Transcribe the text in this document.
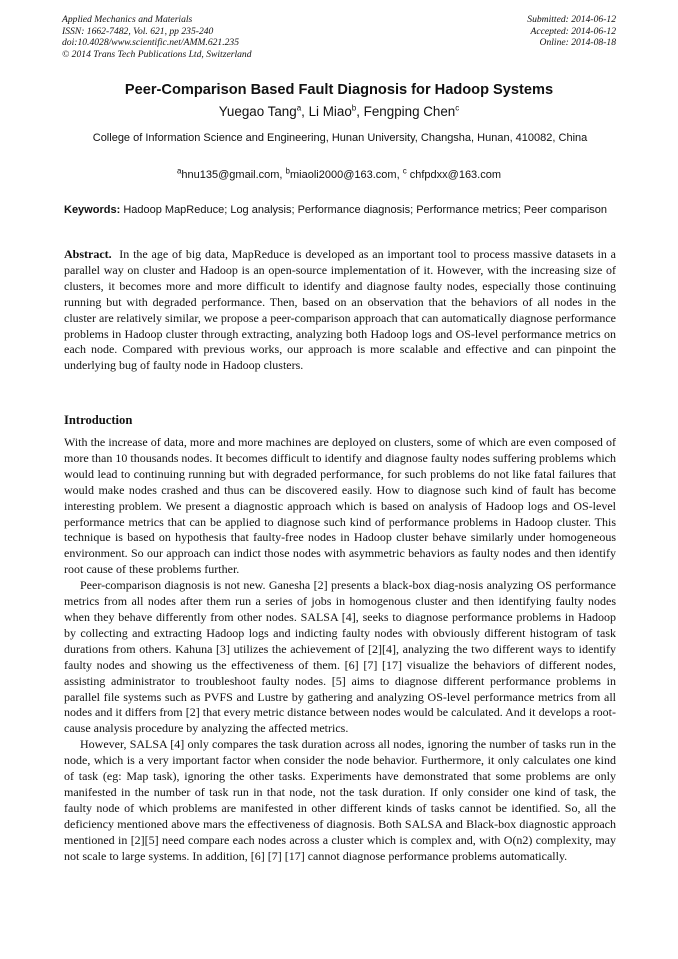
Applied Mechanics and Materials
ISSN: 1662-7482, Vol. 621, pp 235-240
doi:10.4028/www.scientific.net/AMM.621.235
© 2014 Trans Tech Publications Ltd, Switzerland
Submitted: 2014-06-12
Accepted: 2014-06-12
Online: 2014-08-18
Peer-Comparison Based Fault Diagnosis for Hadoop Systems
Yuegao Tang$^a$, Li Miao$^b$, Fengping Chen$^c$
College of Information Science and Engineering, Hunan University, Changsha, Hunan, 410082, China
$^a$hnu135@gmail.com, $^b$miaoli2000@163.com, $^c$ chfpdxx@163.com
Keywords: Hadoop MapReduce; Log analysis; Performance diagnosis; Performance metrics; Peer comparison
Abstract. In the age of big data, MapReduce is developed as an important tool to process massive datasets in a parallel way on cluster and Hadoop is an open-source implementation of it. However, with the increasing size of clusters, it becomes more and more difficult to identify and diagnose faulty nodes, especially those continuing running but with degraded performance. Then, based on an observation that the behaviors of all nodes in the cluster are relatively similar, we propose a peer-comparison approach that can automatically diagnose performance problems in Hadoop cluster through extracting, analyzing both Hadoop logs and OS-level performance metrics on each node. Compared with previous works, our approach is more scalable and effective and can pinpoint the underlying bug of faulty node in Hadoop clusters.
Introduction

With the increase of data, more and more machines are deployed on clusters, some of which are even composed of more than 10 thousands nodes. It becomes difficult to identify and diagnose faulty nodes suffering problems which would lead to continuing running but with degraded performance, for such problems do not like fatal failures that would make nodes crashed and thus can be discovered easily. How to diagnose such kind of fault has become interesting problem. We present a diagnostic approach which is based on analysis of Hadoop logs and OS-level performance metrics that can be applied to diagnose such kind of performance problems in Hadoop cluster. This technique is based on hypothesis that faulty-free nodes in Hadoop cluster behave similarly under homogeneous environment. So our approach can indict those nodes with asymmetric behaviors as faulty nodes and then identify root cause of these problems further.

Peer-comparison diagnosis is not new. Ganesha [2] presents a black-box diag-nosis analyzing OS performance metrics from all nodes after them run a series of jobs in homogenous cluster and then identifying faulty nodes when they behave differently from other nodes. SALSA [4], seeks to diagnose performance problems in Hadoop by collecting and extracting Hadoop logs and indicting faulty nodes with obviously different histogram of task durations from others. Kahuna [3] utilizes the achievement of [2][4], analyzing the two different ways to identify faulty nodes and showing us the effectiveness of them. [6] [7] [17] visualize the behaviors of different nodes, assisting administrator to troubleshoot faulty nodes. [5] aims to diagnose different performance problems in parallel file systems such as PVFS and Lustre by gathering and analyzing OS-level performance metrics from all nodes and it differs from [2] that every metric distance between nodes would be calculated. And it develops a root-cause analysis procedure by analyzing the affected metrics.

However, SALSA [4] only compares the task duration across all nodes, ignoring the number of tasks run in the node, which is a very important factor when consider the node behavior. Furthermore, it only calculates one kind of task (eg: Map task), ignoring the other tasks. Experiments have demonstrated that some problems are only manifested in the number of task run in that node, not the task duration. If only consider one kind of task, the faulty node of which problems are manifested in other different kinds of tasks cannot be identified. So, all the deficiency mentioned above mars the effectiveness of diagnosis. Both SALSA and Black-box diagnostic approach mentioned in [2][5] need compare each nodes across a cluster which is complex and, with O(n2) complexity, may not scale to large systems. In addition, [6] [7] [17] cannot diagnose performance problems automatically.
